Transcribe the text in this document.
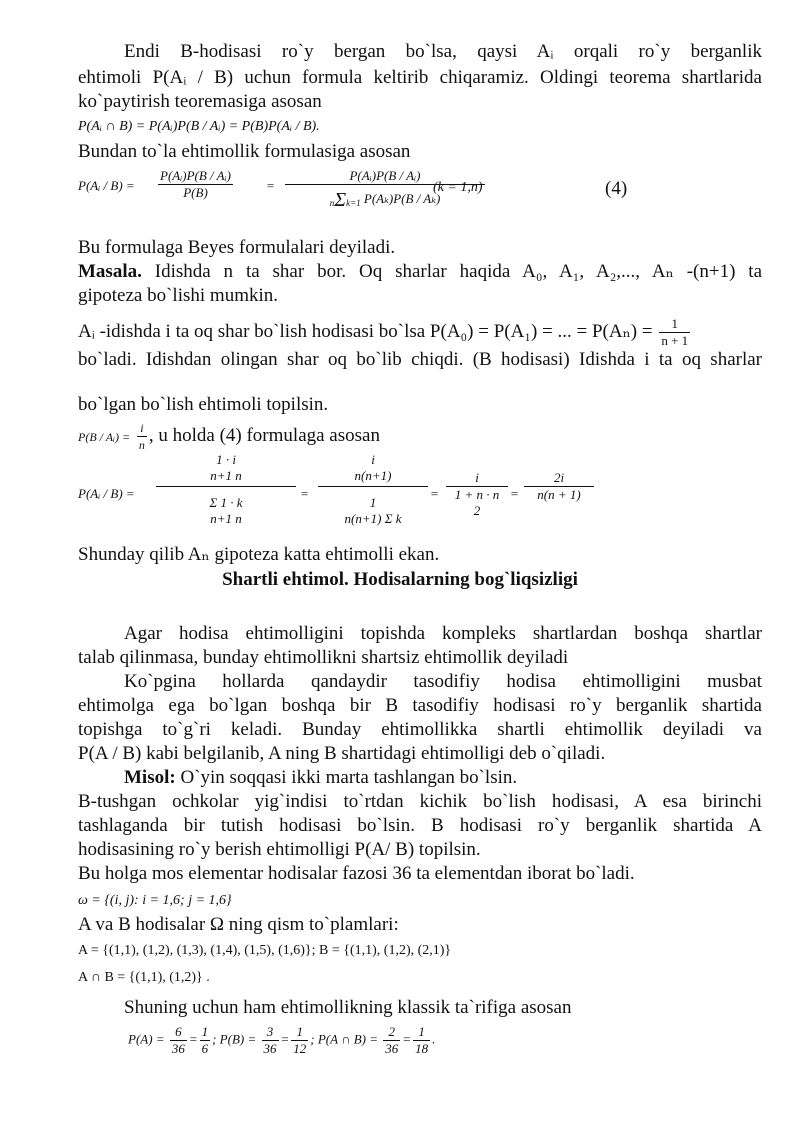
Endi B-hodisasi ro`y bergan bo`lsa, qaysi Aᵢ orqali ro`y berganlik
ehtimoli P(Aᵢ / B) uchun formula keltirib chiqaramiz. Oldingi teorema shartlarida
ko`paytirish teoremasiga asosan
P(Aᵢ ∩ B) = P(Aᵢ)P(B / Aᵢ) = P(B)P(Aᵢ / B).
Bundan to`la ehtimollik formulasiga asosan
P(Aᵢ / $B) = \frac{\text{P(Aᵢ)P(B / Aᵢ)}}{P(B)}$	=
P(Aᵢ)P(B / Aᵢ)
nΣk=1 P(Aₖ)P(B / Aₖ)
(k = 1,n)	(4)
Bu formulaga Beyes formulalari deyiladi.
Masala. Idishda n ta shar bor. Oq sharlar haqida A₀, A₁, A₂,..., Aₙ -(n+1) ta
gipoteza bo`lishi mumkin.
Aᵢ -idishda i ta oq shar bo`lish hodisasi bo`lsa P(A₀) = P(A₁) = ... = $P(A_n) = \frac{1}{n + 1}$
bo`ladi. Idishdan olingan shar oq bo`lib chiqdi. (B hodisasi) Idishda i ta oq sharlar
bo`lgan bo`lish ehtimoli topilsin.
P(B / Aᵢ) = $\frac{i}{n}$ , u holda (4) formulaga asosan
P(Aᵢ / B) =
1 · i
n+1 n
Σ 1 · k
n+1 n
=
i
n(n+1)
1
n(n+1) Σ k
=
i
1 + n · n
2
=
2i
n(n + 1)
Shunday qilib Aₙ gipoteza katta ehtimolli ekan.
Shartli ehtimol. Hodisalarning bog`liqsizligi
Agar hodisa ehtimolligini topishda kompleks shartlardan boshqa shartlar
talab qilinmasa, bunday ehtimollikni shartsiz ehtimollik deyiladi
Ko`pgina hollarda qandaydir tasodifiy hodisa ehtimolligini musbat
ehtimolga ega bo`lgan boshqa bir B tasodifiy hodisasi ro`y berganlik shartida
topishga to`g`ri keladi. Bunday ehtimollikka shartli ehtimollik deyiladi va
P(A / B) kabi belgilanib, A ning B shartidagi ehtimolligi deb o`qiladi.
Misol: O`yin soqqasi ikki marta tashlangan bo`lsin.
B-tushgan ochkolar yig`indisi to`rtdan kichik bo`lish hodisasi, A esa birinchi
tashlaganda bir tutish hodisasi bo`lsin. B hodisasi ro`y berganlik shartida A
hodisasining ro`y berish ehtimolligi P(A/ B) topilsin.
Bu holga mos elementar hodisalar fazosi 36 ta elementdan iborat bo`ladi.
ω = {(i, j): i = 1,6; j = 1,6}
A va B hodisalar Ω ning qism to`plamlari:
A = {(1,1), (1,2), (1,3), (1,4), (1,5), (1,6)}; B = {(1,1), (1,2), (2,1)}
A ∩ B = {(1,1), (1,2)} .
Shuning uchun ham ehtimollikning klassik ta`rifiga asosan
$P(A) = \frac{6}{36} = \frac{1}{6}$ ; $P(B) = \frac{3}{36} = \frac{1}{12}$ ; P(A ∩ $B) = \frac{2}{36} = \frac{1}{18}$ .
